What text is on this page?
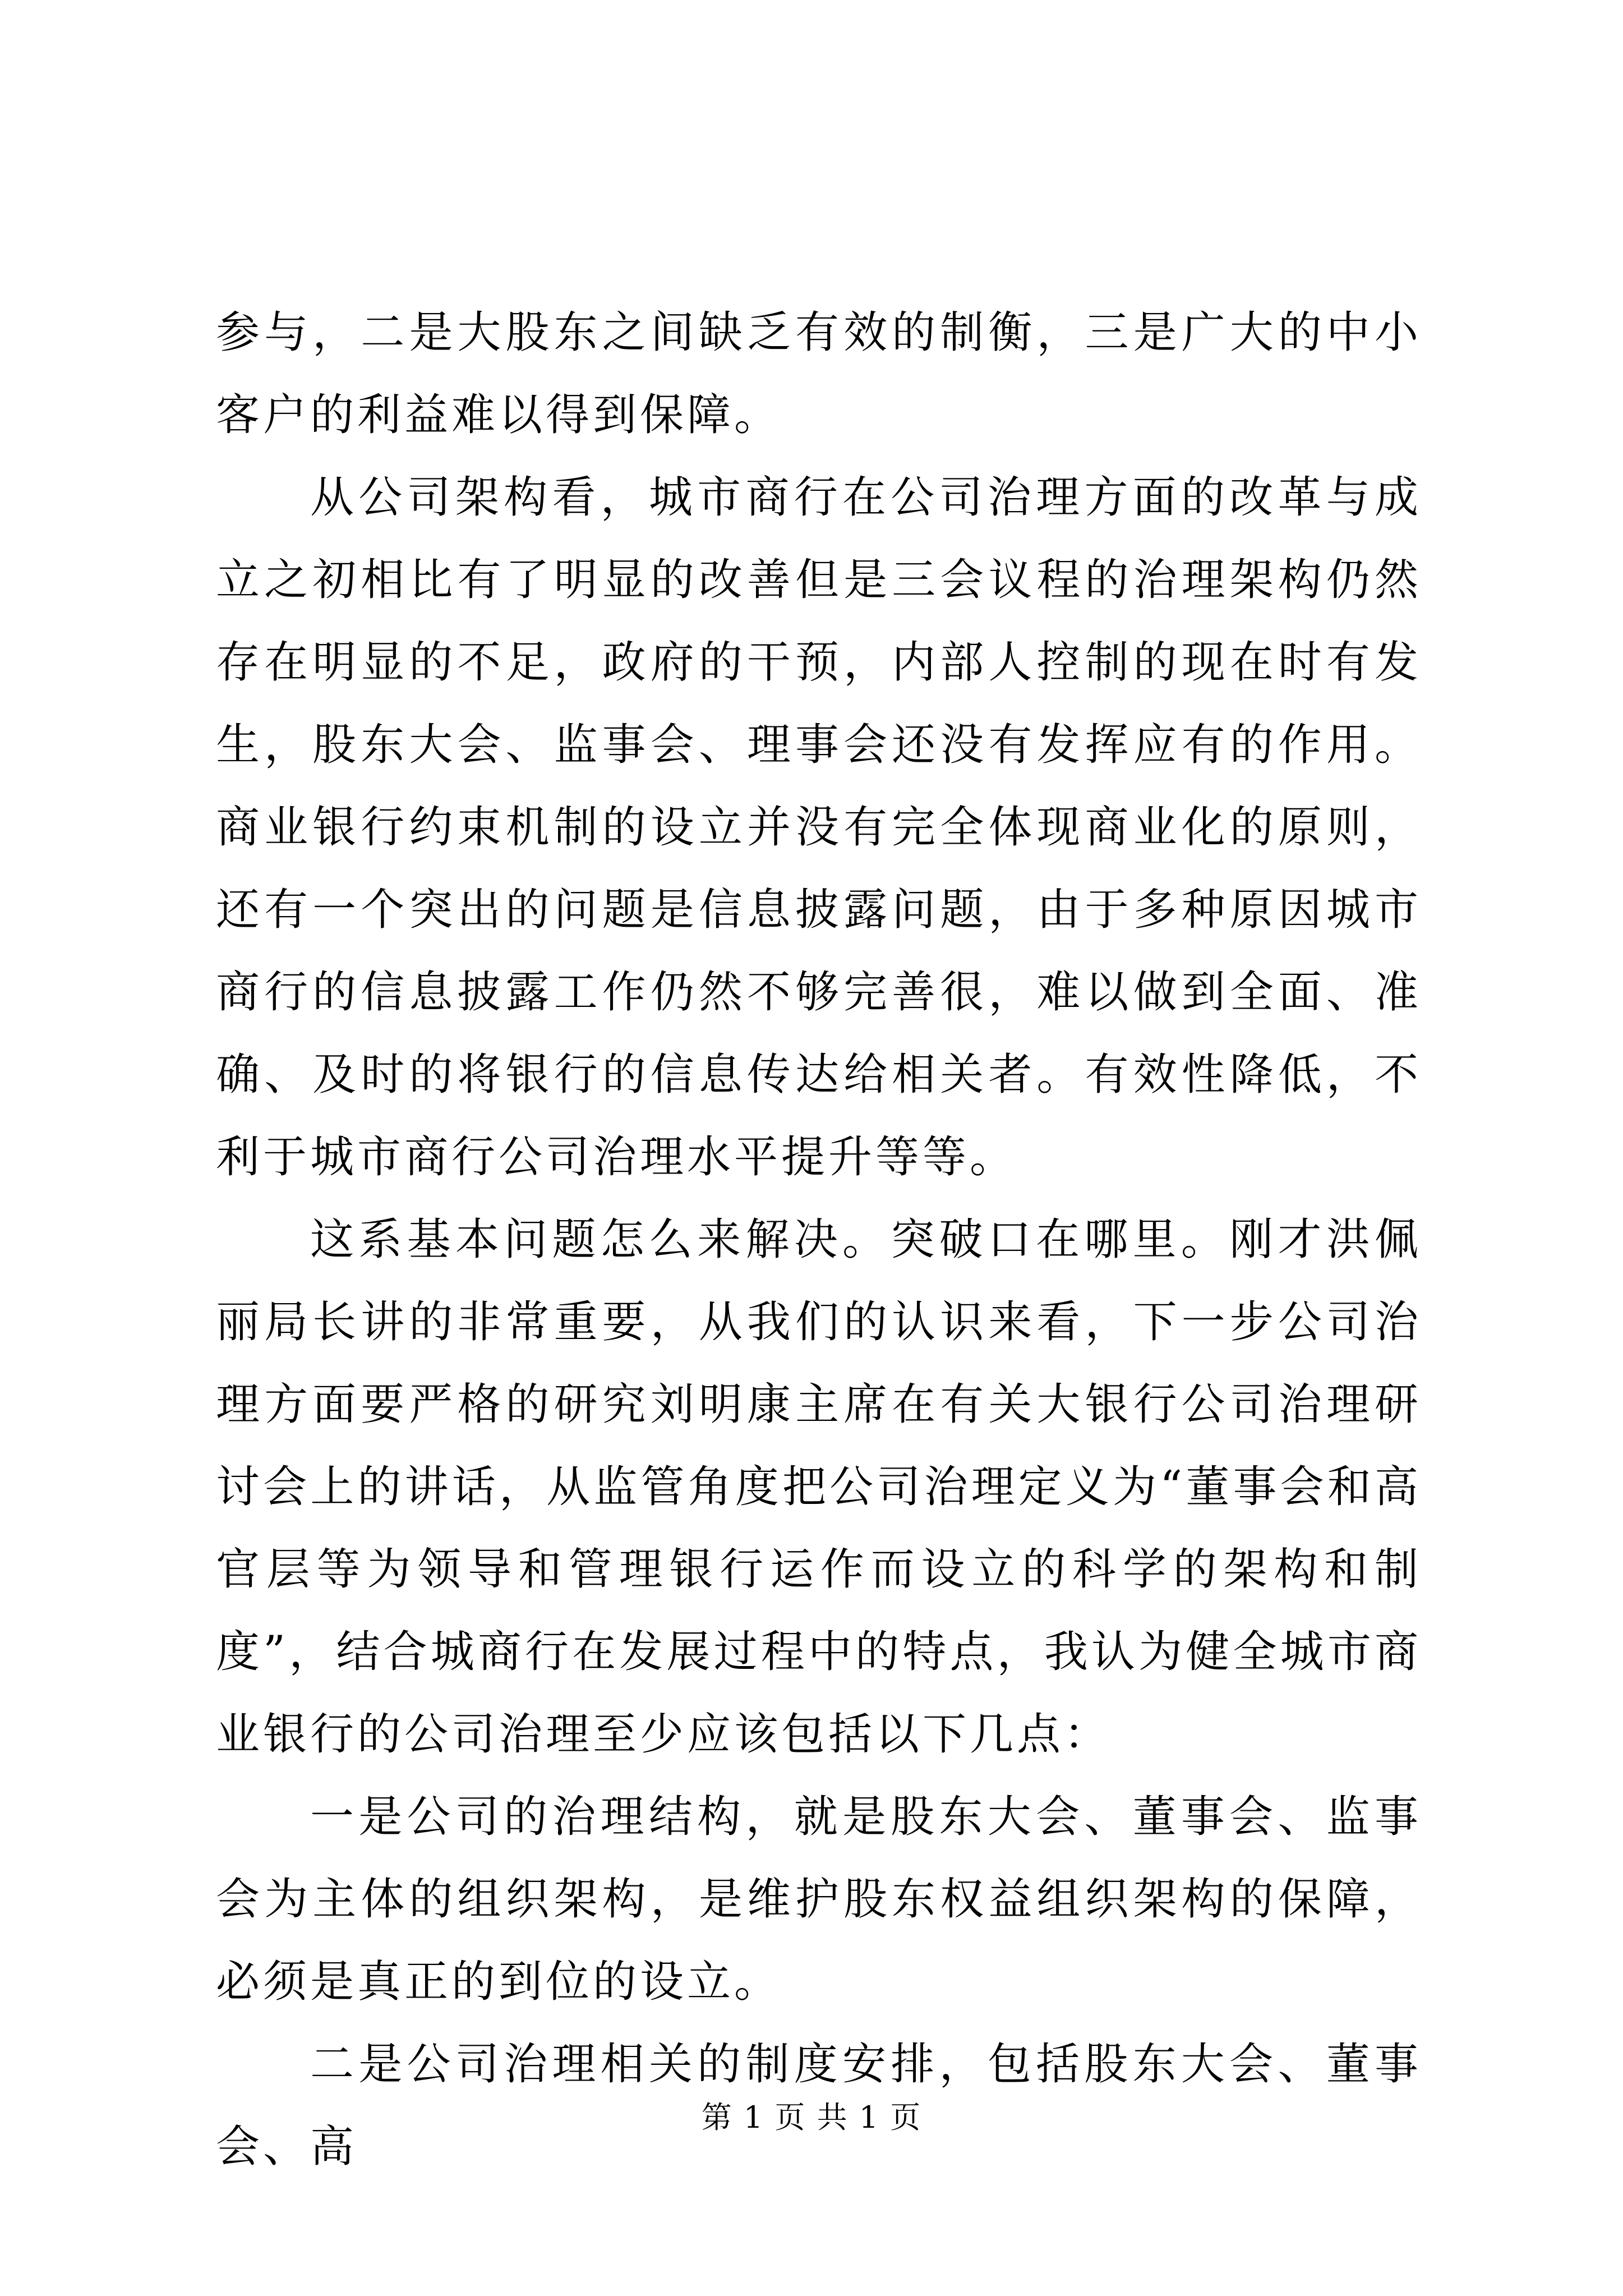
参与，二是大股东之间缺乏有效的制衡，三是广大的中小客户的利益难以得到保障。

从公司架构看，城市商行在公司治理方面的改革与成立之初相比有了明显的改善但是三会议程的治理架构仍然存在明显的不足，政府的干预，内部人控制的现在时有发生，股东大会、监事会、理事会还没有发挥应有的作用。商业银行约束机制的设立并没有完全体现商业化的原则，还有一个突出的问题是信息披露问题，由于多种原因城市商行的信息披露工作仍然不够完善很，难以做到全面、准确、及时的将银行的信息传达给相关者。有效性降低，不利于城市商行公司治理水平提升等等。

这系基本问题怎么来解决。突破口在哪里。刚才洪佩丽局长讲的非常重要，从我们的认识来看，下一步公司治理方面要严格的研究刘明康主席在有关大银行公司治理研讨会上的讲话，从监管角度把公司治理定义为“董事会和高官层等为领导和管理银行运作而设立的科学的架构和制度”，结合城商行在发展过程中的特点，我认为健全城市商业银行的公司治理至少应该包括以下几点：

一是公司的治理结构，就是股东大会、董事会、监事会为主体的组织架构，是维护股东权益组织架构的保障，必须是真正的到位的设立。

二是公司治理相关的制度安排，包括股东大会、董事会、高

第 1 页 共 1 页
